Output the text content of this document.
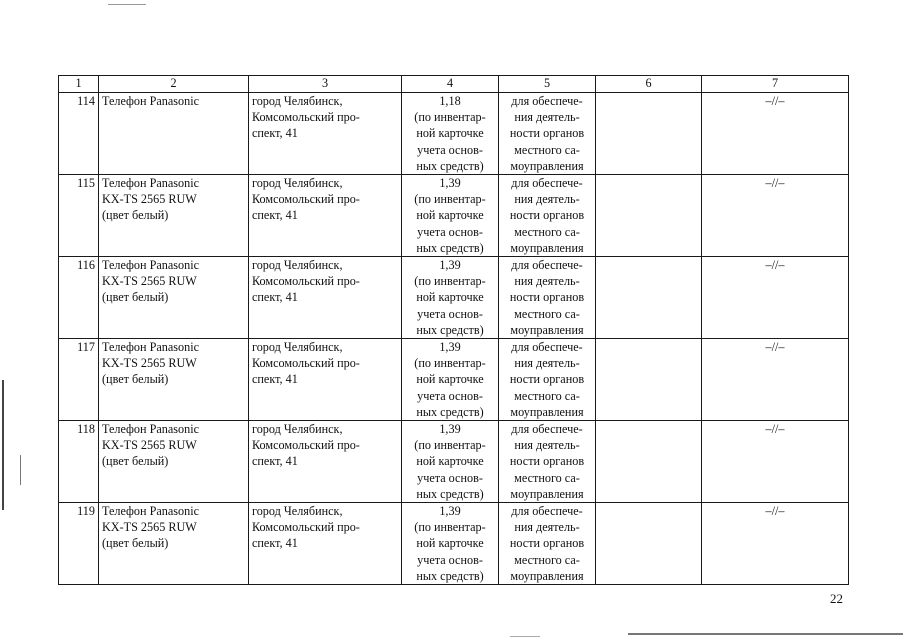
1	2	3	4	5	6	7
114	Телефон Panasonic	город Челябинск,
Комсомольский про-
спект, 41	1,18
(по инвентар-
ной карточке
учета основ-
ных средств)	для обеспече-
ния деятель-
ности органов
местного са-
моуправления		–//–
115	Телефон Panasonic
KX-TS 2565 RUW
(цвет белый)	город Челябинск,
Комсомольский про-
спект, 41	1,39
(по инвентар-
ной карточке
учета основ-
ных средств)	для обеспече-
ния деятель-
ности органов
местного са-
моуправления		–//–
116	Телефон Panasonic
KX-TS 2565 RUW
(цвет белый)	город Челябинск,
Комсомольский про-
спект, 41	1,39
(по инвентар-
ной карточке
учета основ-
ных средств)	для обеспече-
ния деятель-
ности органов
местного са-
моуправления		–//–
117	Телефон Panasonic
KX-TS 2565 RUW
(цвет белый)	город Челябинск,
Комсомольский про-
спект, 41	1,39
(по инвентар-
ной карточке
учета основ-
ных средств)	для обеспече-
ния деятель-
ности органов
местного са-
моуправления		–//–
118	Телефон Panasonic
KX-TS 2565 RUW
(цвет белый)	город Челябинск,
Комсомольский про-
спект, 41	1,39
(по инвентар-
ной карточке
учета основ-
ных средств)	для обеспече-
ния деятель-
ности органов
местного са-
моуправления		–//–
119	Телефон Panasonic
KX-TS 2565 RUW
(цвет белый)	город Челябинск,
Комсомольский про-
спект, 41	1,39
(по инвентар-
ной карточке
учета основ-
ных средств)	для обеспече-
ния деятель-
ности органов
местного са-
моуправления		–//–
22
